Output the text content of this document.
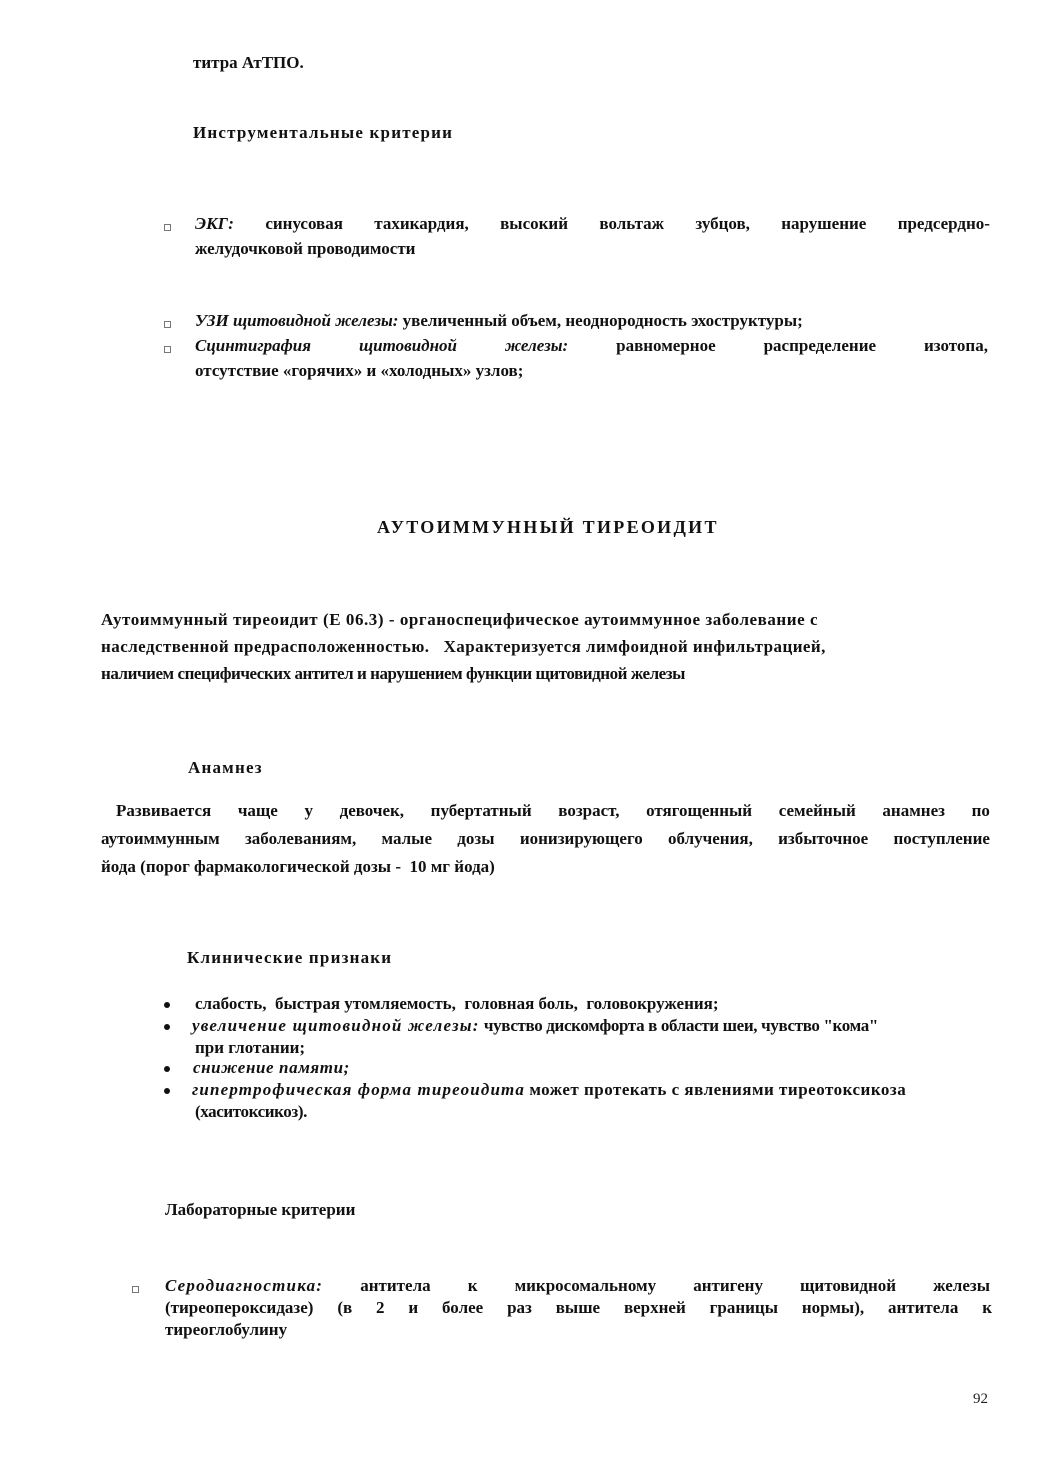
титра АтТПО.
Инструментальные критерии
ЭКГ: синусовая тахикардия, высокий вольтаж зубцов, нарушение предсердно-
желудочковой проводимости
УЗИ щитовидной железы: увеличенный объем, неоднородность эхоструктуры;
Сцинтиграфия	щитовидной	железы:	равномерное	распределение	изотопа,
отсутствие «горячих» и «холодных» узлов;
АУТОИММУННЫЙ ТИРЕОИДИТ
Аутоиммунный тиреоидит (Е 06.3) - органоспецифическое аутоиммунное заболевание с
наследственной предрасположенностью.   Характеризуется лимфоидной инфильтрацией,
наличием специфических антител и нарушением функции щитовидной железы
Анамнез
Развивается чаще у девочек, пубертатный возраст, отягощенный семейный анамнез по
аутоиммунным заболеваниям, малые дозы ионизирующего облучения, избыточное поступление
йода (порог фармакологической дозы -  10 мг йода)
Клинические признаки
слабость,  быстрая утомляемость,  головная боль,  головокружения;
увеличение щитовидной железы: чувство дискомфорта в области шеи, чувство "кома"
при глотании;
снижение памяти;
гипертрофическая форма тиреоидита может протекать с явлениями тиреотоксикоза
(хаситоксикоз).
Лабораторные критерии
Серодиагностика: антитела к микросомальному антигену щитовидной железы
(тиреопероксидазе) (в 2 и более раз выше верхней границы нормы), антитела к
тиреоглобулину
92
